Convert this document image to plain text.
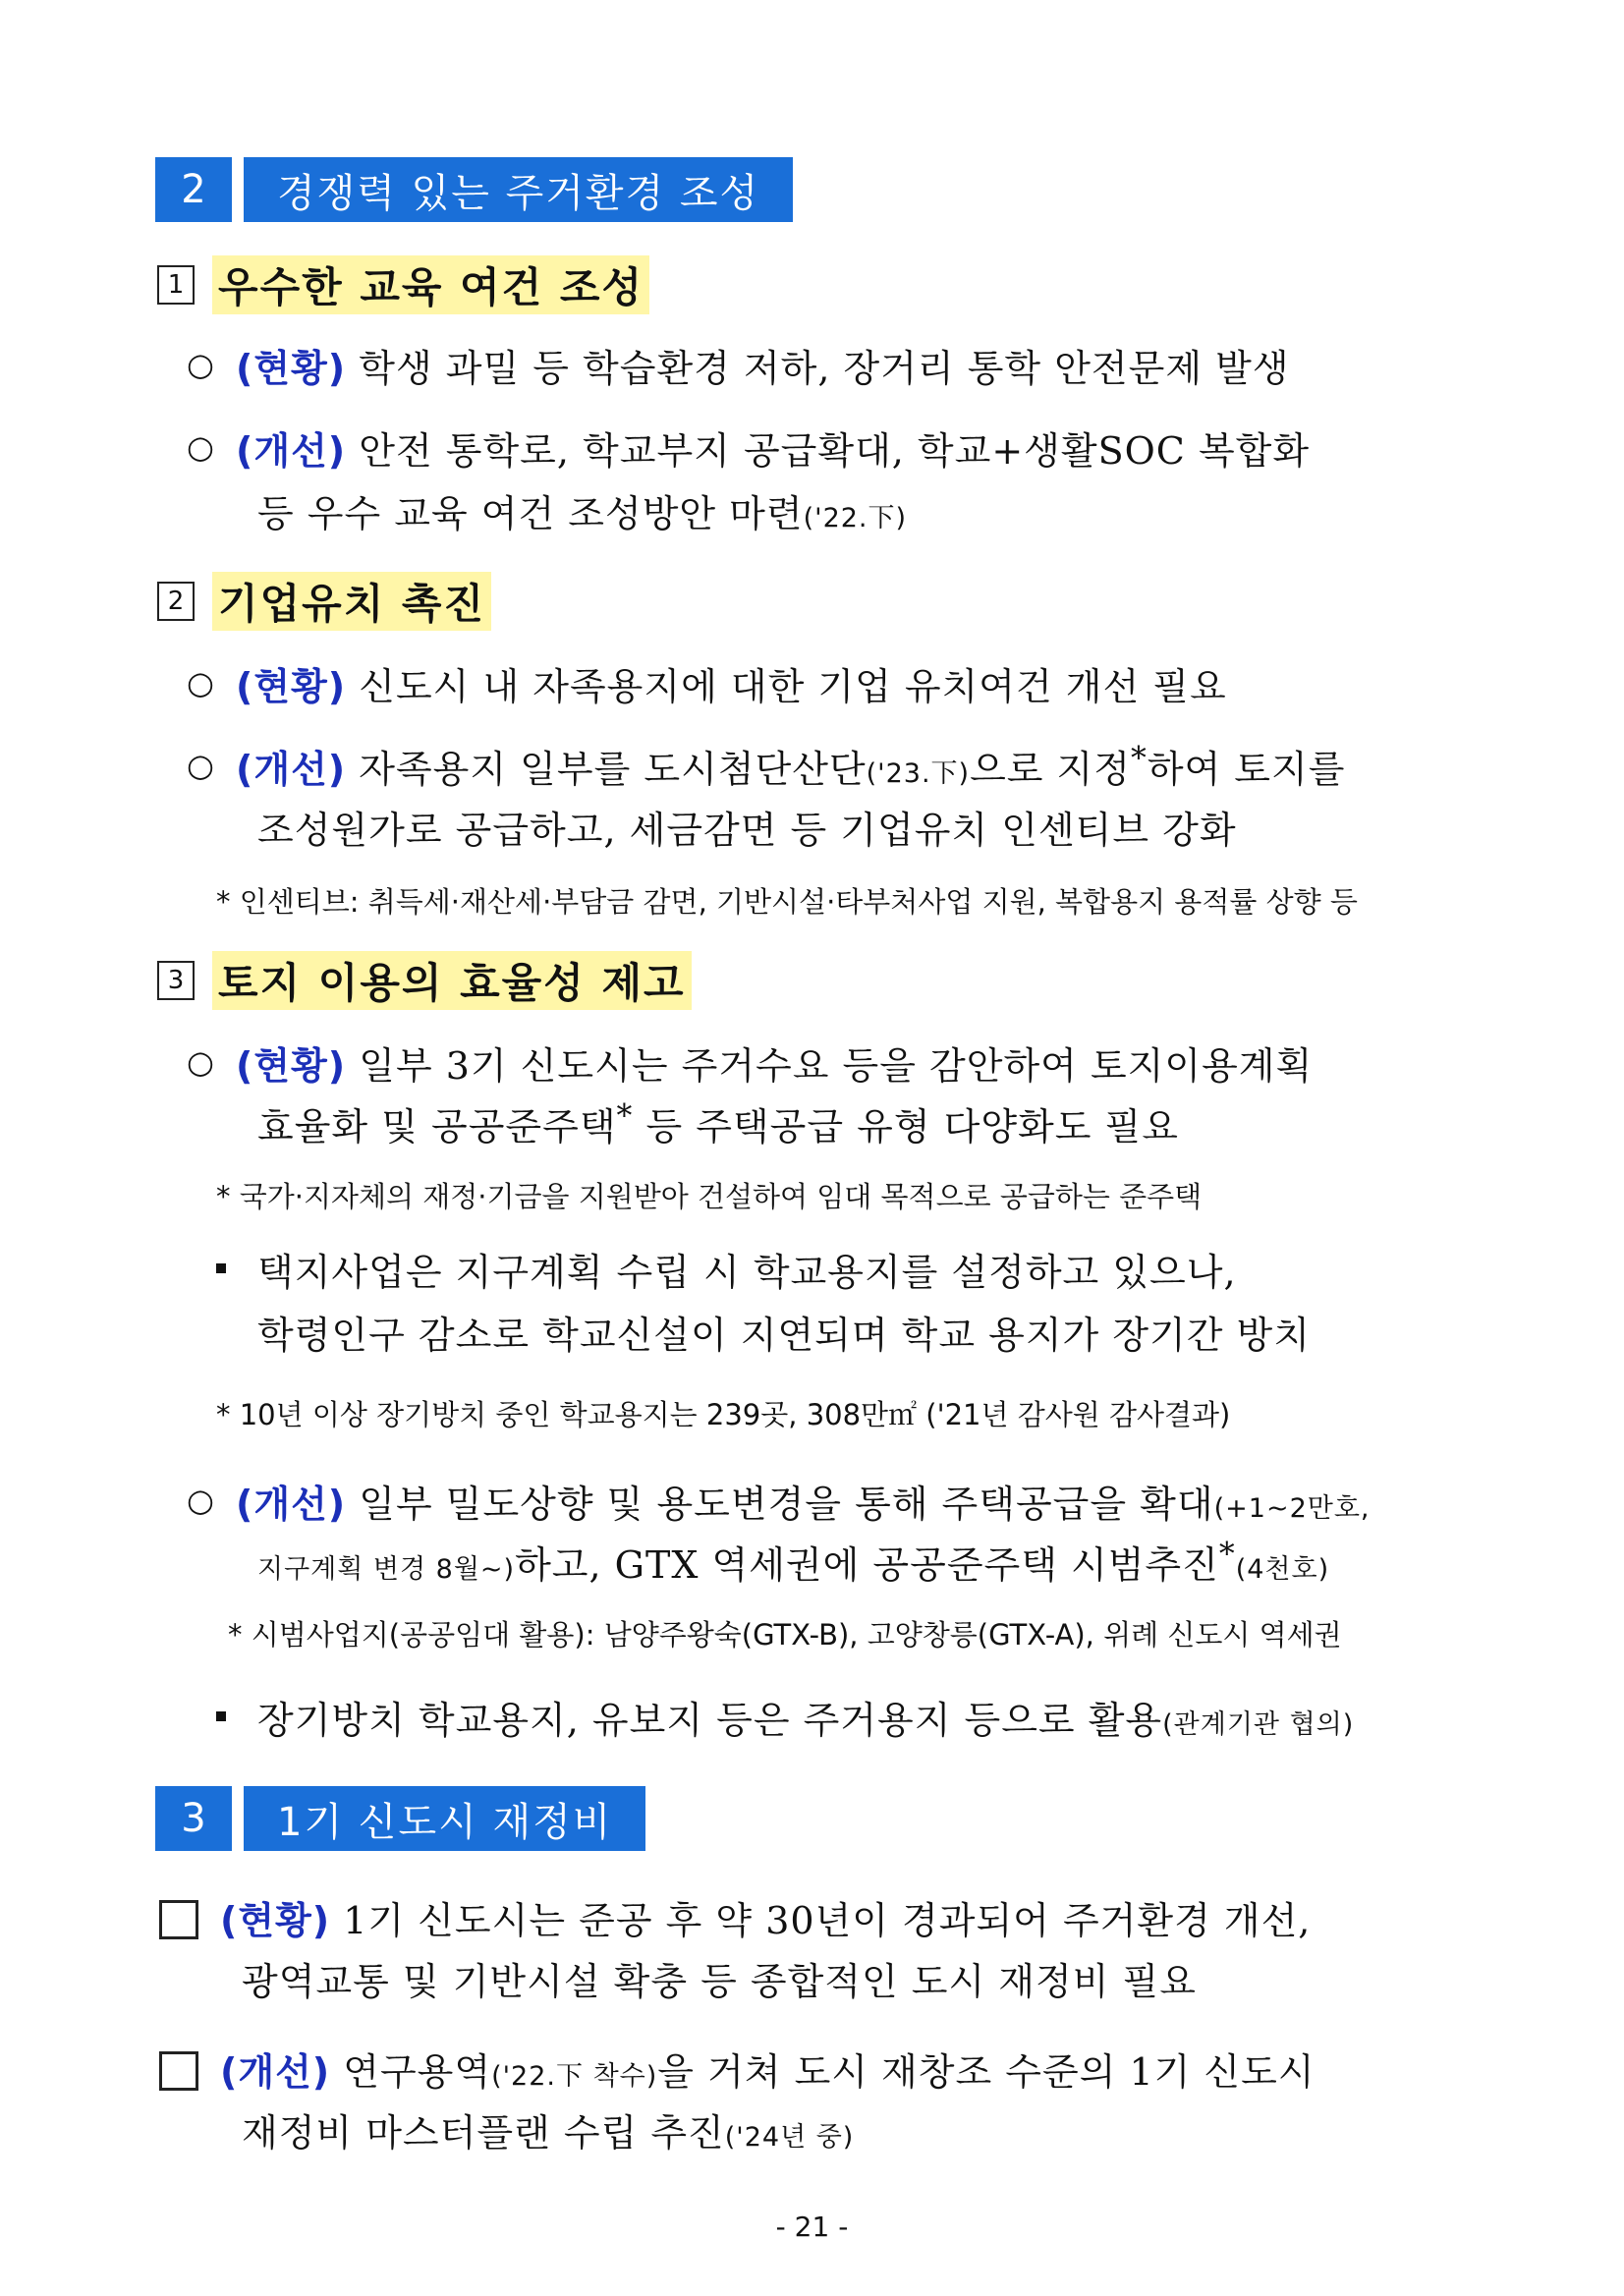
2	경쟁력 있는 주거환경 조성
1 우수한 교육 여건 조성
○ (현황) 학생 과밀 등 학습환경 저하, 장거리 통학 안전문제 발생
○ (개선) 안전 통학로, 학교부지 공급확대, 학교+생활SOC 복합화
등 우수 교육 여건 조성방안 마련('22.下)
2 기업유치 촉진
○ (현황) 신도시 내 자족용지에 대한 기업 유치여건 개선 필요
○ (개선) 자족용지 일부를 도시첨단산단('23.下)으로 지정*하여 토지를
조성원가로 공급하고, 세금감면 등 기업유치 인센티브 강화
* 인센티브: 취득세·재산세·부담금 감면, 기반시설·타부처사업 지원, 복합용지 용적률 상향 등
3 토지 이용의 효율성 제고
○ (현황) 일부 3기 신도시는 주거수요 등을 감안하여 토지이용계획
효율화 및 공공준주택* 등 주택공급 유형 다양화도 필요
* 국가·지자체의 재정·기금을 지원받아 건설하여 임대 목적으로 공급하는 준주택
택지사업은 지구계획 수립 시 학교용지를 설정하고 있으나,
학령인구 감소로 학교신설이 지연되며 학교 용지가 장기간 방치
* 10년 이상 장기방치 중인 학교용지는 239곳, 308만㎡ ('21년 감사원 감사결과)
○ (개선) 일부 밀도상향 및 용도변경을 통해 주택공급을 확대(+1~2만호,
지구계획 변경 8월~)하고, GTX 역세권에 공공준주택 시범추진*(4천호)
* 시범사업지(공공임대 활용): 남양주왕숙(GTX-B), 고양창릉(GTX-A), 위례 신도시 역세권
장기방치 학교용지, 유보지 등은 주거용지 등으로 활용(관계기관 협의)
3	1기 신도시 재정비
(현황) 1기 신도시는 준공 후 약 30년이 경과되어 주거환경 개선,
광역교통 및 기반시설 확충 등 종합적인 도시 재정비 필요
(개선) 연구용역('22.下 착수)을 거쳐 도시 재창조 수준의 1기 신도시
재정비 마스터플랜 수립 추진('24년 중)
- 21 -
